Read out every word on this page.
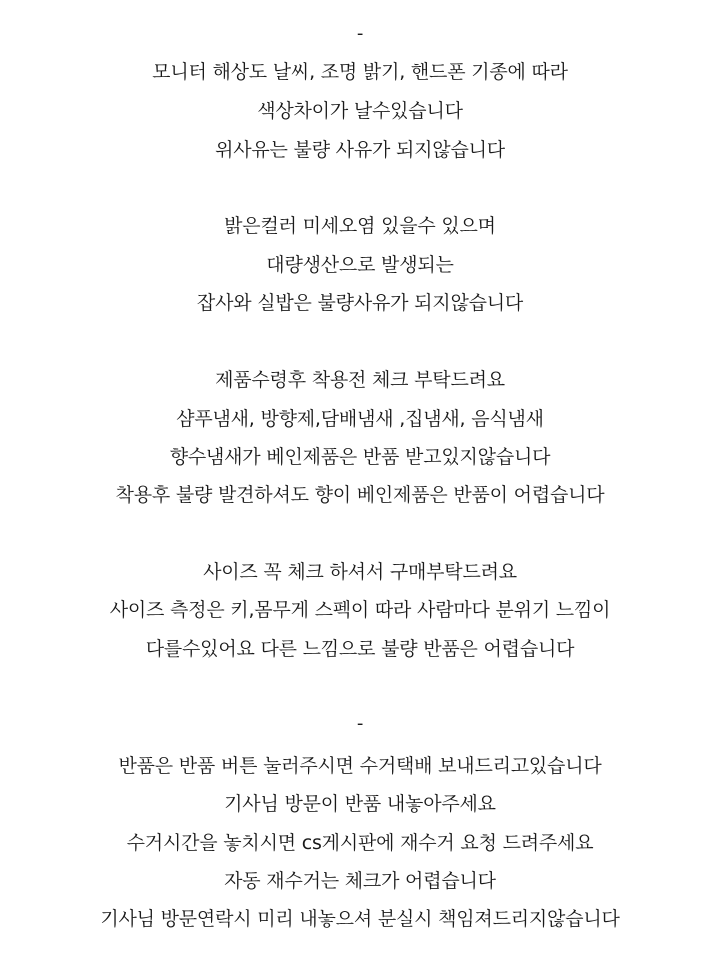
-
모니터 해상도 날씨, 조명 밝기, 핸드폰 기종에 따라
색상차이가 날수있습니다
위사유는 불량 사유가 되지않습니다
밝은컬러 미세오염 있을수 있으며
대량생산으로 발생되는
잡사와 실밥은 불량사유가 되지않습니다
제품수령후 착용전 체크 부탁드려요
샴푸냄새, 방향제,담배냄새 ,집냄새, 음식냄새
향수냄새가 베인제품은 반품 받고있지않습니다
착용후 불량 발견하셔도 향이 베인제품은 반품이 어렵습니다
사이즈 꼭 체크 하셔서 구매부탁드려요
사이즈 측정은 키,몸무게 스펙이 따라 사람마다 분위기 느낌이
다를수있어요 다른 느낌으로 불량 반품은 어렵습니다
-
반품은 반품 버튼 눌러주시면 수거택배 보내드리고있습니다
기사님 방문이 반품 내놓아주세요
수거시간을 놓치시면 cs게시판에 재수거 요청 드려주세요
자동 재수거는 체크가 어렵습니다
기사님 방문연락시 미리 내놓으셔 분실시 책임져드리지않습니다
